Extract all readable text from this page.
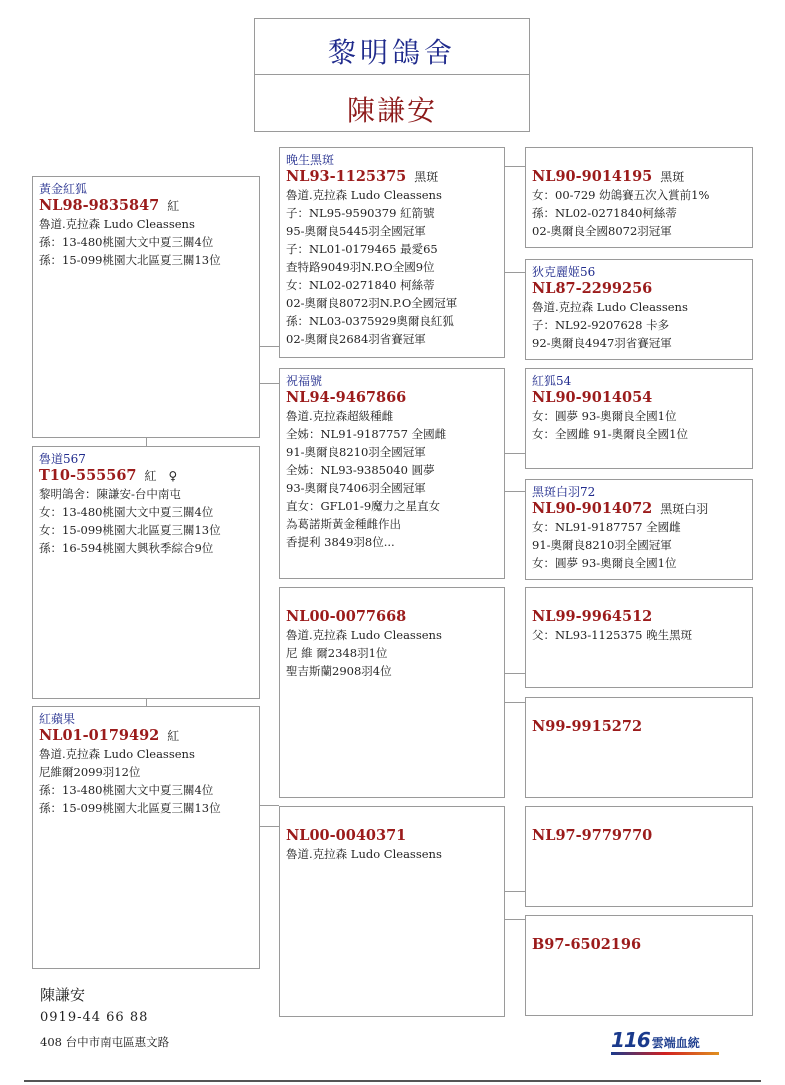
黎明鴿舍
陳謙安
黃金紅狐
NL98-9835847 紅
魯道.克拉森 Ludo Cleassens
孫：13-480桃園大文中夏三關4位
孫：15-099桃園大北區夏三關13位
魯道567
T10-555567 紅 ♀
黎明鴿舍：陳謙安-台中南屯
女：13-480桃園大文中夏三關4位
女：15-099桃園大北區夏三關13位
孫：16-594桃園大興秋季綜合9位
紅蘋果
NL01-0179492 紅
魯道.克拉森 Ludo Cleassens
尼維爾2099羽12位
孫：13-480桃園大文中夏三關4位
孫：15-099桃園大北區夏三關13位
晚生黑斑
NL93-1125375 黑斑
魯道.克拉森 Ludo Cleassens
子：NL95-9590379 紅箭號
95-奧爾良5445羽全國冠軍
子：NL01-0179465 最愛65
查特路9049羽N.P.O全國9位
女：NL02-0271840 柯絲蒂
02-奧爾良8072羽N.P.O全國冠軍
孫：NL03-0375929奧爾良紅狐
02-奧爾良2684羽省賽冠軍
祝福號
NL94-9467866
魯道.克拉森超級種雌
全姊：NL91-9187757 全國雌
91-奧爾良8210羽全國冠軍
全姊：NL93-9385040 圓夢
93-奧爾良7406羽全國冠軍
直女：GFL01-9魔力之星直女
為葛諾斯黃金種雌作出
香提利 3849羽8位...
NL00-0077668
魯道.克拉森 Ludo Cleassens
尼 維 爾2348羽1位
聖吉斯蘭2908羽4位
NL00-0040371
魯道.克拉森 Ludo Cleassens
NL90-9014195 黑斑
女：00-729 幼鴿賽五次入賞前1%
孫：NL02-0271840柯絲蒂
02-奧爾良全國8072羽冠軍
狄克麗姬56
NL87-2299256
魯道.克拉森 Ludo Cleassens
子：NL92-9207628 卡多
92-奧爾良4947羽省賽冠軍
紅狐54
NL90-9014054
女：圓夢 93-奧爾良全國1位
女：全國雌 91-奧爾良全國1位
黑斑白羽72
NL90-9014072 黑斑白羽
女：NL91-9187757 全國雌
91-奧爾良8210羽全國冠軍
女：圓夢 93-奧爾良全國1位
NL99-9964512
父：NL93-1125375 晚生黑斑
N99-9915272
NL97-9779770
B97-6502196
陳謙安
0919-44 66 88
408 台中市南屯區惠文路	116 雲端血統
